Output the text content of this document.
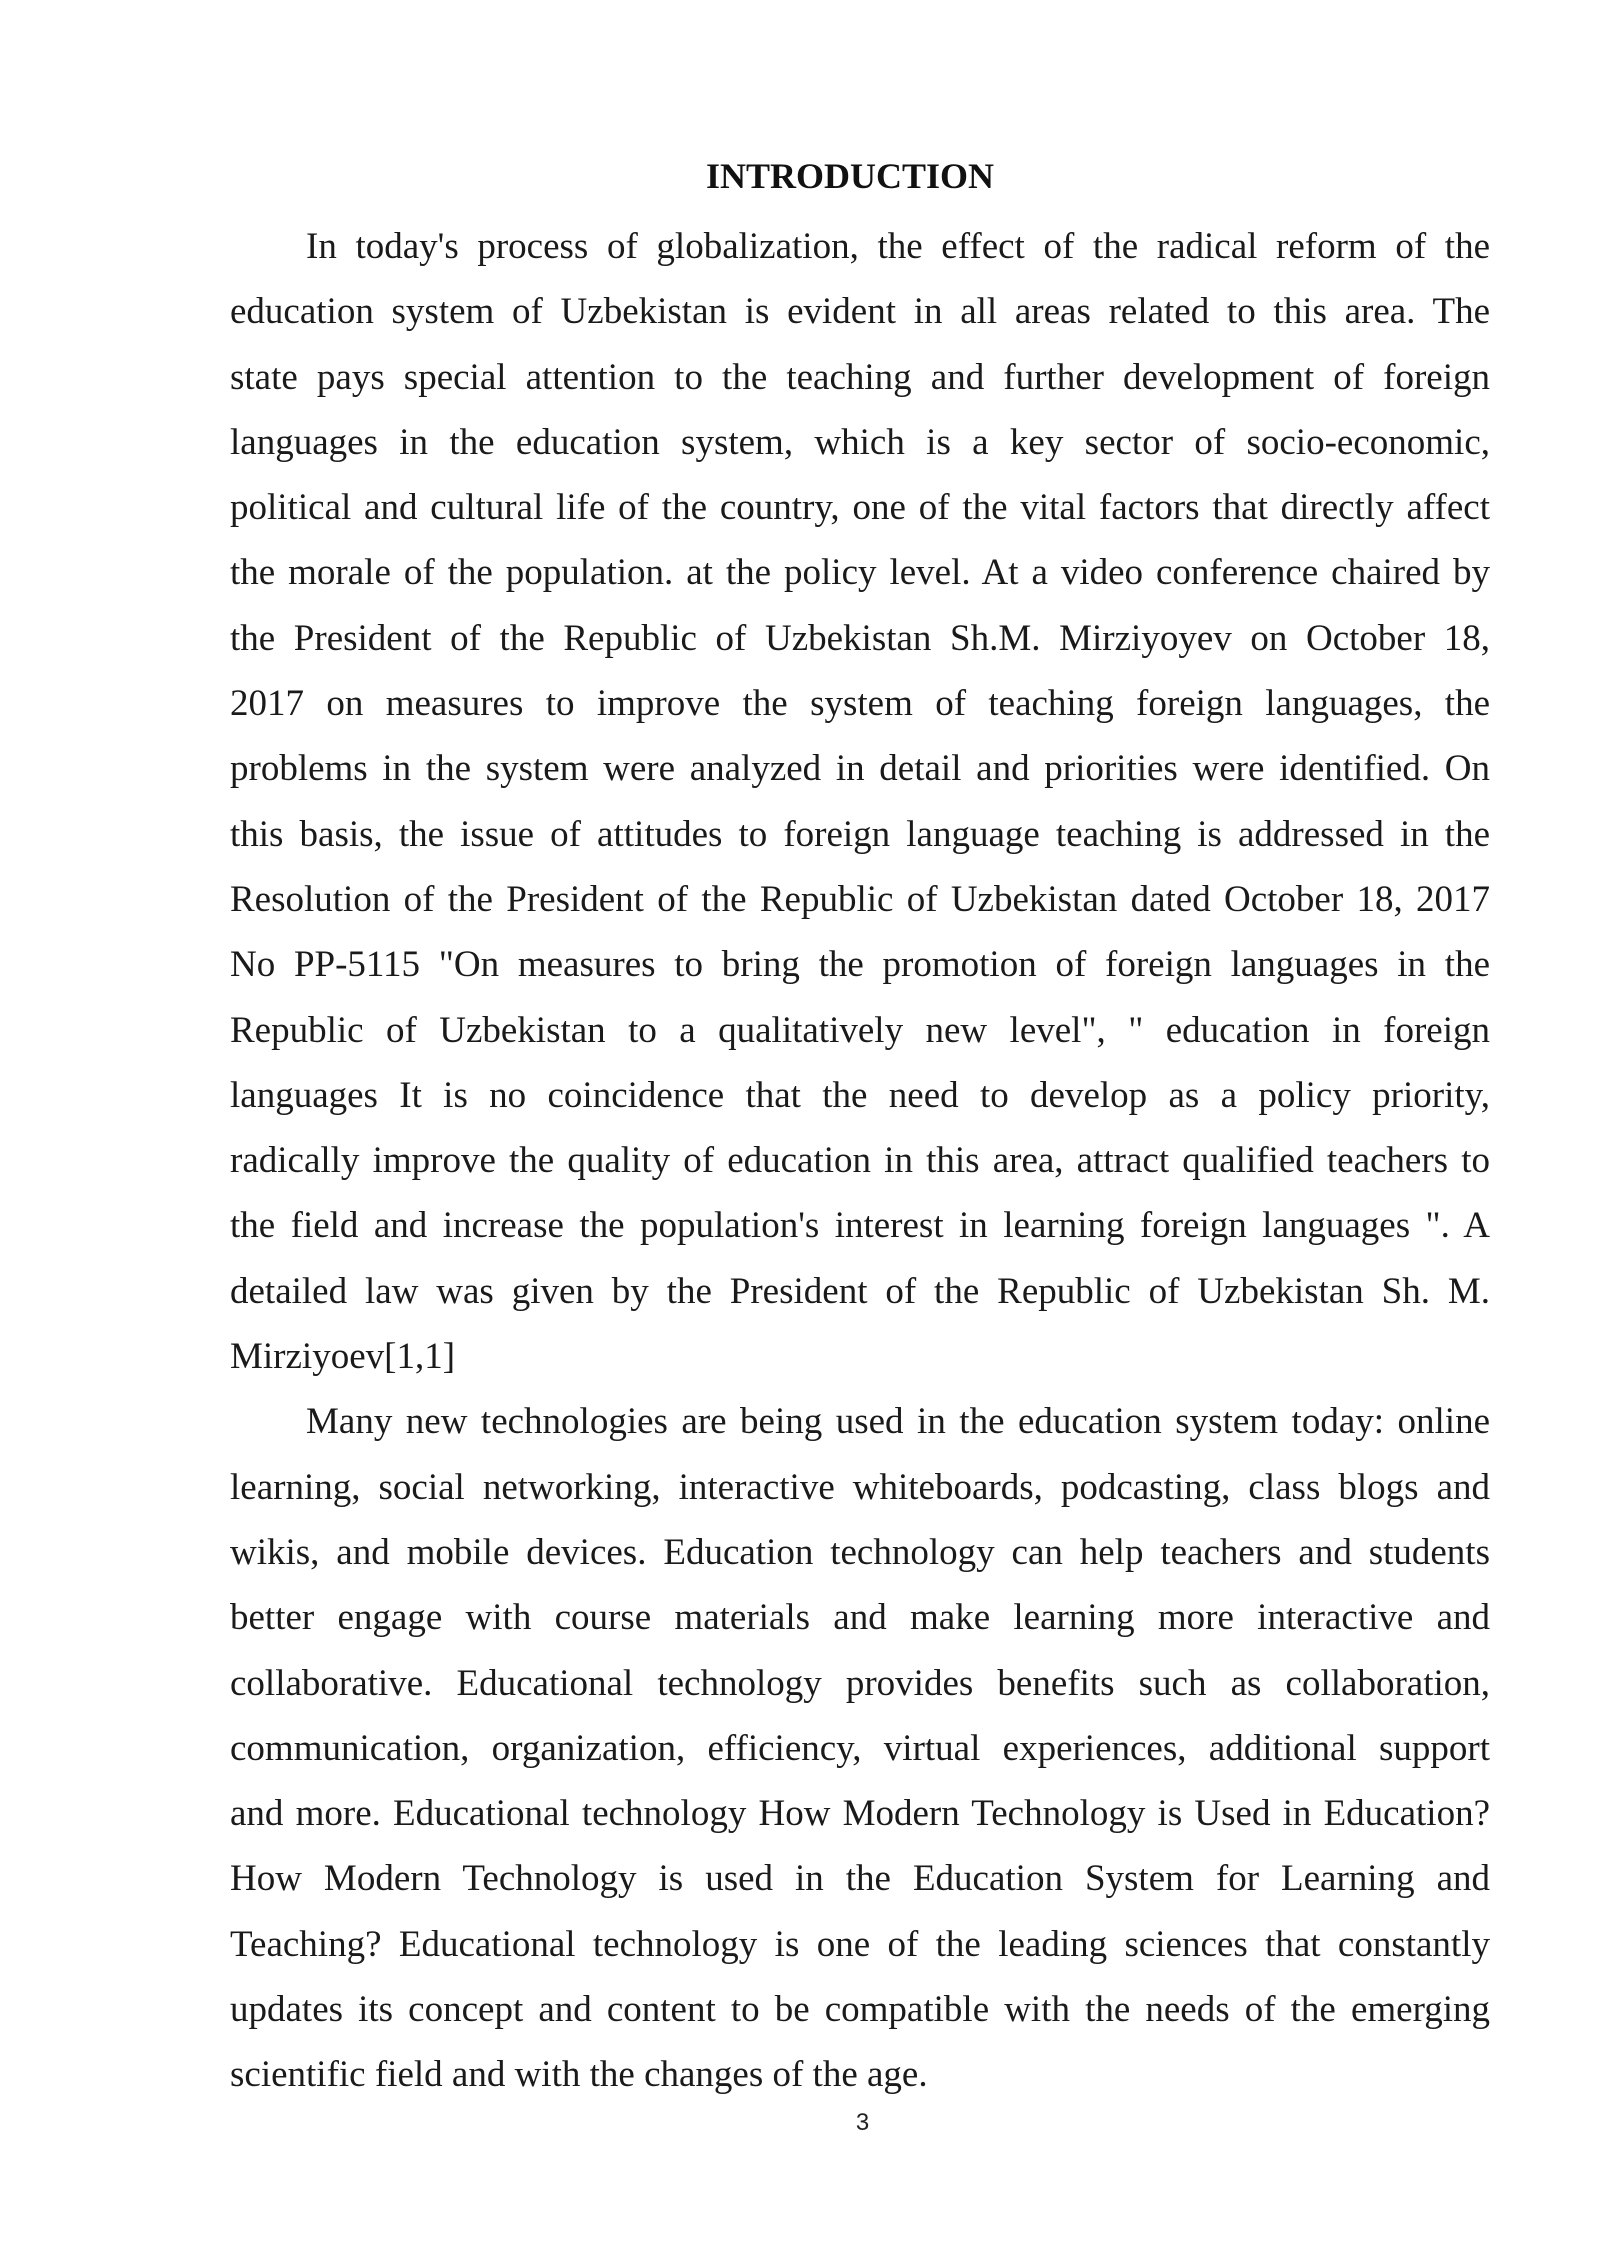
INTRODUCTION
In today's process of globalization, the effect of the radical reform of the
education system of Uzbekistan is evident in all areas related to this area. The
state pays special attention to the teaching and further development of foreign
languages in the education system, which is a key sector of socio-economic,
political and cultural life of the country, one of the vital factors that directly affect
the morale of the population. at the policy level. At a video conference chaired by
the President of the Republic of Uzbekistan Sh.M. Mirziyoyev on October 18,
2017 on measures to improve the system of teaching foreign languages, the
problems in the system were analyzed in detail and priorities were identified. On
this basis, the issue of attitudes to foreign language teaching is addressed in the
Resolution of the President of the Republic of Uzbekistan dated October 18, 2017
No PP-5115 "On measures to bring the promotion of foreign languages in the
Republic of Uzbekistan to a qualitatively new level", " education in foreign
languages It is no coincidence that the need to develop as a policy priority,
radically improve the quality of education in this area, attract qualified teachers to
the field and increase the population's interest in learning foreign languages ". A
detailed law was given by the President of the Republic of Uzbekistan Sh. M.
Mirziyoev[1,1]
Many new technologies are being used in the education system today: online
learning, social networking, interactive whiteboards, podcasting, class blogs and
wikis, and mobile devices. Education technology can help teachers and students
better engage with course materials and make learning more interactive and
collaborative. Educational technology provides benefits such as collaboration,
communication, organization, efficiency, virtual experiences, additional support
and more. Educational technology How Modern Technology is Used in Education?
How Modern Technology is used in the Education System for Learning and
Teaching? Educational technology is one of the leading sciences that constantly
updates its concept and content to be compatible with the needs of the emerging
scientific field and with the changes of the age.
3
